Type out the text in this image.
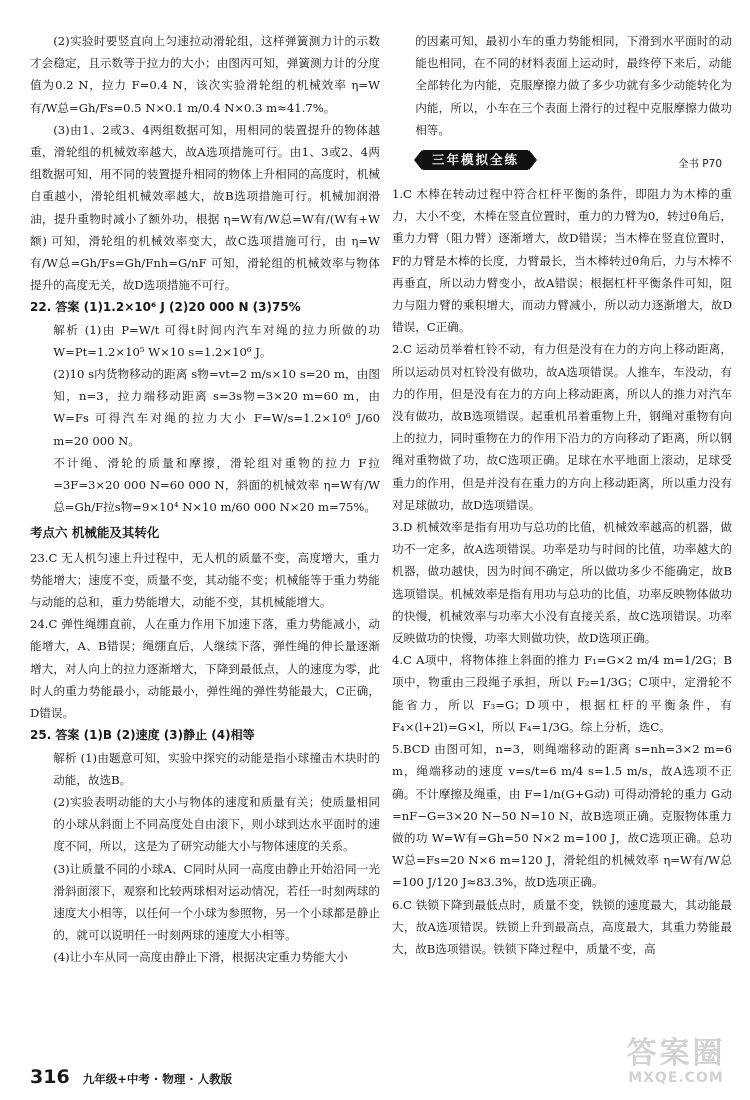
(2)实验时要竖直向上匀速拉动滑轮组，这样弹簧测力计的示数才会稳定，且示数等于拉力的大小；由图丙可知，弹簧测力计的分度值为0.2 N，拉力 F=0.4 N，该次实验滑轮组的机械效率 η=W有/W总=Gh/Fs=0.5 N×0.1 m/0.4 N×0.3 m≈41.7%。

(3)由1、2或3、4两组数据可知，用相同的装置提升的物体越重，滑轮组的机械效率越大，故A选项措施可行。由1、3或2、4两组数据可知，用不同的装置提升相同的物体上升相同的高度时，机械自重越小，滑轮组机械效率越大，故B选项措施可行。机械加润滑油，提升重物时减小了额外功，根据 η=W有/W总=W有/(W有+W额) 可知，滑轮组的机械效率变大，故C选项措施可行，由 η=W有/W总=Gh/Fs=Gh/Fnh=G/nF 可知，滑轮组的机械效率与物体提升的高度无关，故D选项措施不可行。

22. 答案 (1)1.2×10⁶ J (2)20 000 N (3)75%

解析 (1)由 P=W/t 可得t时间内汽车对绳的拉力所做的功 W=Pt=1.2×10⁵ W×10 s=1.2×10⁶ J。

(2)10 s内货物移动的距离 s物=vt=2 m/s×10 s=20 m，由图知，n=3，拉力端移动距离 s=3s物=3×20 m=60 m，由 W=Fs 可得汽车对绳的拉力大小 F=W/s=1.2×10⁶ J/60 m=20 000 N。

不计绳、滑轮的质量和摩擦，滑轮组对重物的拉力 F拉=3F=3×20 000 N=60 000 N，斜面的机械效率 η=W有/W总=Gh/F拉s物=9×10⁴ N×10 m/60 000 N×20 m=75%。

考点六 机械能及其转化

23.C 无人机匀速上升过程中，无人机的质量不变，高度增大，重力势能增大；速度不变，质量不变，其动能不变；机械能等于重力势能与动能的总和，重力势能增大，动能不变，其机械能增大。

24.C 弹性绳绷直前，人在重力作用下加速下落，重力势能减小，动能增大，A、B错误；绳绷直后，人继续下落，弹性绳的伸长量逐渐增大，对人向上的拉力逐渐增大，下降到最低点，人的速度为零，此时人的重力势能最小，动能最小，弹性绳的弹性势能最大，C正确，D错误。

25. 答案 (1)B (2)速度 (3)静止 (4)相等

解析 (1)由题意可知，实验中探究的动能是指小球撞击木块时的动能，故选B。

(2)实验表明动能的大小与物体的速度和质量有关；使质量相同的小球从斜面上不同高度处自由滚下，则小球到达水平面时的速度不同，所以，这是为了研究动能大小与物体速度的关系。

(3)让质量不同的小球A、C同时从同一高度由静止开始沿同一光滑斜面滚下，观察和比较两球相对运动情况，若任一时刻两球的速度大小相等，以任何一个小球为参照物，另一个小球都是静止的，就可以说明任一时刻两球的速度大小相等。

(4)让小车从同一高度由静止下滑，根据决定重力势能大小

的因素可知，最初小车的重力势能相同，下滑到水平面时的动能也相同，在不同的材料表面上运动时，最终停下来后，动能全部转化为内能，克服摩擦力做了多少功就有多少动能转化为内能，所以，小车在三个表面上滑行的过程中克服摩擦力做功相等。

三年模拟全练	全书 P70

1.C 木棒在转动过程中符合杠杆平衡的条件，即阻力为木棒的重力，大小不变，木棒在竖直位置时，重力的力臂为0，转过θ角后，重力力臂（阻力臂）逐渐增大，故D错误；当木棒在竖直位置时，F的力臂是木棒的长度，力臂最长，当木棒转过θ角后，力与木棒不再垂直，所以动力臂变小，故A错误；根据杠杆平衡条件可知，阻力与阻力臂的乘积增大，而动力臂减小，所以动力逐渐增大，故D错误，C正确。

2.C 运动员举着杠铃不动，有力但是没有在力的方向上移动距离，所以运动员对杠铃没有做功，故A选项错误。人推车，车没动，有力的作用，但是没有在力的方向上移动距离，所以人的推力对汽车没有做功，故B选项错误。起重机吊着重物上升，钢绳对重物有向上的拉力，同时重物在力的作用下沿力的方向移动了距离，所以钢绳对重物做了功，故C选项正确。足球在水平地面上滚动，足球受重力的作用，但是并没有在重力的方向上移动距离，所以重力没有对足球做功，故D选项错误。

3.D 机械效率是指有用功与总功的比值，机械效率越高的机器，做功不一定多，故A选项错误。功率是功与时间的比值，功率越大的机器，做功越快，因为时间不确定，所以做功多少不能确定，故B选项错误。机械效率是指有用功与总功的比值，功率反映物体做功的快慢，机械效率与功率大小没有直接关系，故C选项错误。功率反映做功的快慢，功率大则做功快，故D选项正确。

4.C A项中，将物体推上斜面的推力 F₁=G×2 m/4 m=1/2G；B项中，物重由三段绳子承担，所以 F₂=1/3G；C项中，定滑轮不能省力，所以 F₃=G；D项中，根据杠杆的平衡条件，有 F₄×(l+2l)=G×l，所以 F₄=1/3G。综上分析，选C。

5.BCD 由图可知，n=3，则绳端移动的距离 s=nh=3×2 m=6 m，绳端移动的速度 v=s/t=6 m/4 s=1.5 m/s，故A选项不正确。不计摩擦及绳重，由 F=1/n(G+G动) 可得动滑轮的重力 G动=nF−G=3×20 N−50 N=10 N，故B选项正确。克服物体重力做的功 W=W有=Gh=50 N×2 m=100 J，故C选项正确。总功 W总=Fs=20 N×6 m=120 J，滑轮组的机械效率 η=W有/W总=100 J/120 J≈83.3%，故D选项正确。

6.C 铁锁下降到最低点时，质量不变，铁锁的速度最大，其动能最大，故A选项错误。铁锁上升到最高点，高度最大，其重力势能最大，故B选项错误。铁锁下降过程中，质量不变，高

316 九年级+中考 · 物理 · 人教版
答案圈
MXQE.COM
